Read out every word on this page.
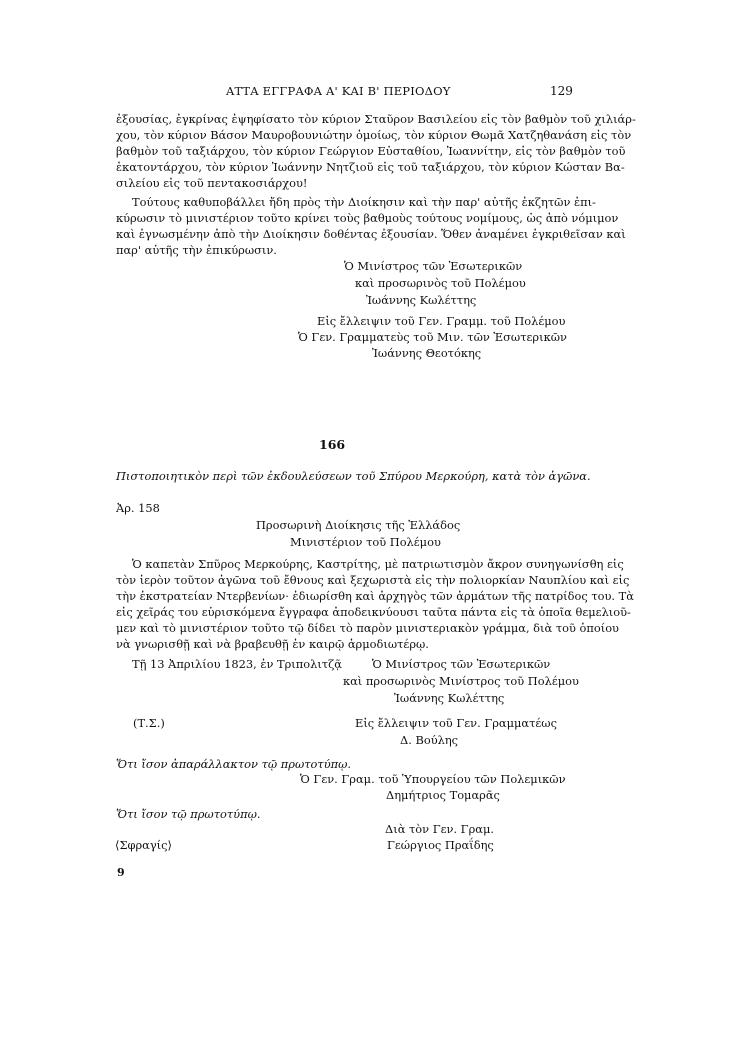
ΑΤΤΑ ΕΓΓΡΑΦΑ Α' ΚΑΙ Β' ΠΕΡΙΟΔΟΥ	129
ἐξουσίας, ἐγκρίνας ἐψηφίσατο τὸν κύριον Σταῦρον Βασιλείου εἰς τὸν βαθμὸν τοῦ χιλιάρ-
χου, τὸν κύριον Βάσον Μαυροβουνιώτην ὁμοίως, τὸν κύριον Θωμᾶ Χατζηθανάση εἰς τὸν
βαθμὸν τοῦ ταξιάρχου, τὸν κύριον Γεώργιον Εὐσταθίου, Ἰωαννίτην, εἰς τὸν βαθμὸν τοῦ
ἑκατοντάρχου, τὸν κύριον Ἰωάννην Νητζιοῦ εἰς τοῦ ταξιάρχου, τὸν κύριον Κώσταν Βα-
σιλείου εἰς τοῦ πεντακοσιάρχου!
Τούτους καθυποβάλλει ἤδη πρὸς τὴν Διοίκησιν καὶ τὴν παρ' αὐτῆς ἐκζητῶν ἐπι-
κύρωσιν τὸ μινιστέριον τοῦτο κρίνει τοὺς βαθμοὺς τούτους νομίμους, ὡς ἀπὸ νόμιμον
καὶ ἐγνωσμένην ἀπὸ τὴν Διοίκησιν δοθέντας ἐξουσίαν. Ὅθεν ἀναμένει ἐγκριθεῖσαν καὶ
παρ' αὐτῆς τὴν ἐπικύρωσιν.
Ὁ Μινίστρος τῶν Ἐσωτερικῶν
καὶ προσωρινὸς τοῦ Πολέμου
Ἰωάννης Κωλέττης
Εἰς ἔλλειψιν τοῦ Γεν. Γραμμ. τοῦ Πολέμου
Ὁ Γεν. Γραμματεὺς τοῦ Μιν. τῶν Ἐσωτερικῶν
Ἰωάννης Θεοτόκης
166
Πιστοποιητικὸν περὶ τῶν ἐκδουλεύσεων τοῦ Σπύρου Μερκούρη, κατὰ τὸν ἀγῶνα.
Ἀρ. 158
Προσωρινὴ Διοίκησις τῆς Ἑλλάδος
Μινιστέριον τοῦ Πολέμου
Ὁ καπετὰν Σπῦρος Μερκούρης, Καστρίτης, μὲ πατριωτισμὸν ἄκρον συνηγωνίσθη εἰς
τὸν ἱερὸν τοῦτον ἀγῶνα τοῦ ἔθνους καὶ ξεχωριστὰ εἰς τὴν πολιορκίαν Ναυπλίου καὶ εἰς
τὴν ἐκστρατείαν Ντερβενίων· ἐδιωρίσθη καὶ ἀρχηγὸς τῶν ἁρμάτων τῆς πατρίδος του. Τὰ
εἰς χεῖράς του εὑρισκόμενα ἔγγραφα ἀποδεικνύουσι ταῦτα πάντα εἰς τὰ ὁποῖα θεμελιοῦ-
μεν καὶ τὸ μινιστέριον τοῦτο τῷ δίδει τὸ παρὸν μινιστεριακὸν γράμμα, διὰ τοῦ ὁποίου
νὰ γνωρισθῇ καὶ νὰ βραβευθῇ ἐν καιρῷ ἁρμοδιωτέρῳ.
Τῇ 13 Ἀπριλίου 1823, ἐν Τριπολιτζᾷ	Ὁ Μινίστρος τῶν Ἐσωτερικῶν
καὶ προσωρινὸς Μινίστρος τοῦ Πολέμου
Ἰωάννης Κωλέττης
(Τ.Σ.)	Εἰς ἔλλειψιν τοῦ Γεν. Γραμματέως
Δ. Βούλης
Ὅτι ἴσον ἀπαράλλακτον τῷ πρωτοτύπῳ.
Ὁ Γεν. Γραμ. τοῦ Ὑπουργείου τῶν Πολεμικῶν
Δημήτριος Τομαρᾶς
Ὅτι ἴσον τῷ πρωτοτύπῳ.
Διὰ τὸν Γεν. Γραμ.
⟨Σφραγίς⟩	Γεώργιος Πραΐδης
9
